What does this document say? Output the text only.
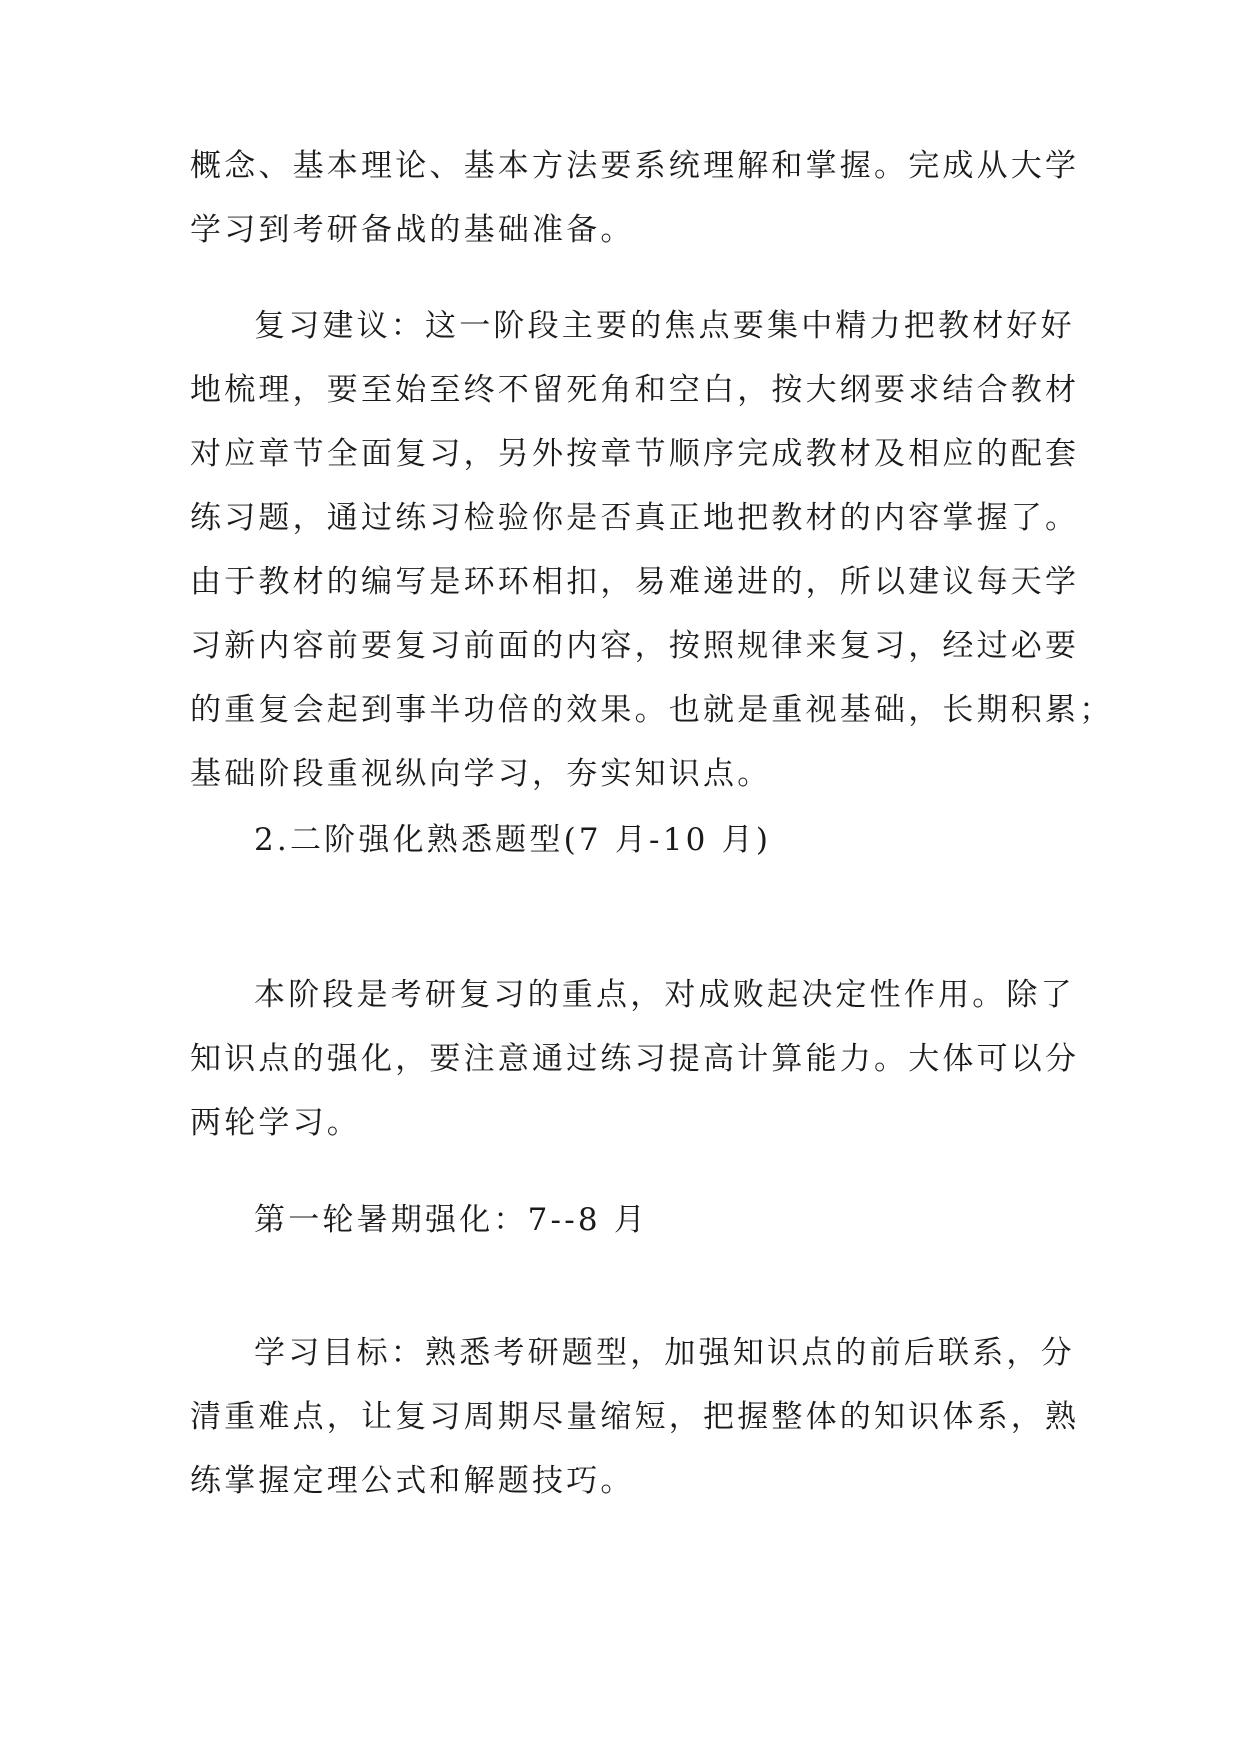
概念、基本理论、基本方法要系统理解和掌握。完成从大学
学习到考研备战的基础准备。
复习建议：这一阶段主要的焦点要集中精力把教材好好
地梳理，要至始至终不留死角和空白，按大纲要求结合教材
对应章节全面复习，另外按章节顺序完成教材及相应的配套
练习题，通过练习检验你是否真正地把教材的内容掌握了。
由于教材的编写是环环相扣，易难递进的，所以建议每天学
习新内容前要复习前面的内容，按照规律来复习，经过必要
的重复会起到事半功倍的效果。也就是重视基础，长期积累；
基础阶段重视纵向学习，夯实知识点。
2.二阶强化熟悉题型(7 月-10 月)
本阶段是考研复习的重点，对成败起决定性作用。除了
知识点的强化，要注意通过练习提高计算能力。大体可以分
两轮学习。
第一轮暑期强化：7--8 月
学习目标：熟悉考研题型，加强知识点的前后联系，分
清重难点，让复习周期尽量缩短，把握整体的知识体系，熟
练掌握定理公式和解题技巧。
